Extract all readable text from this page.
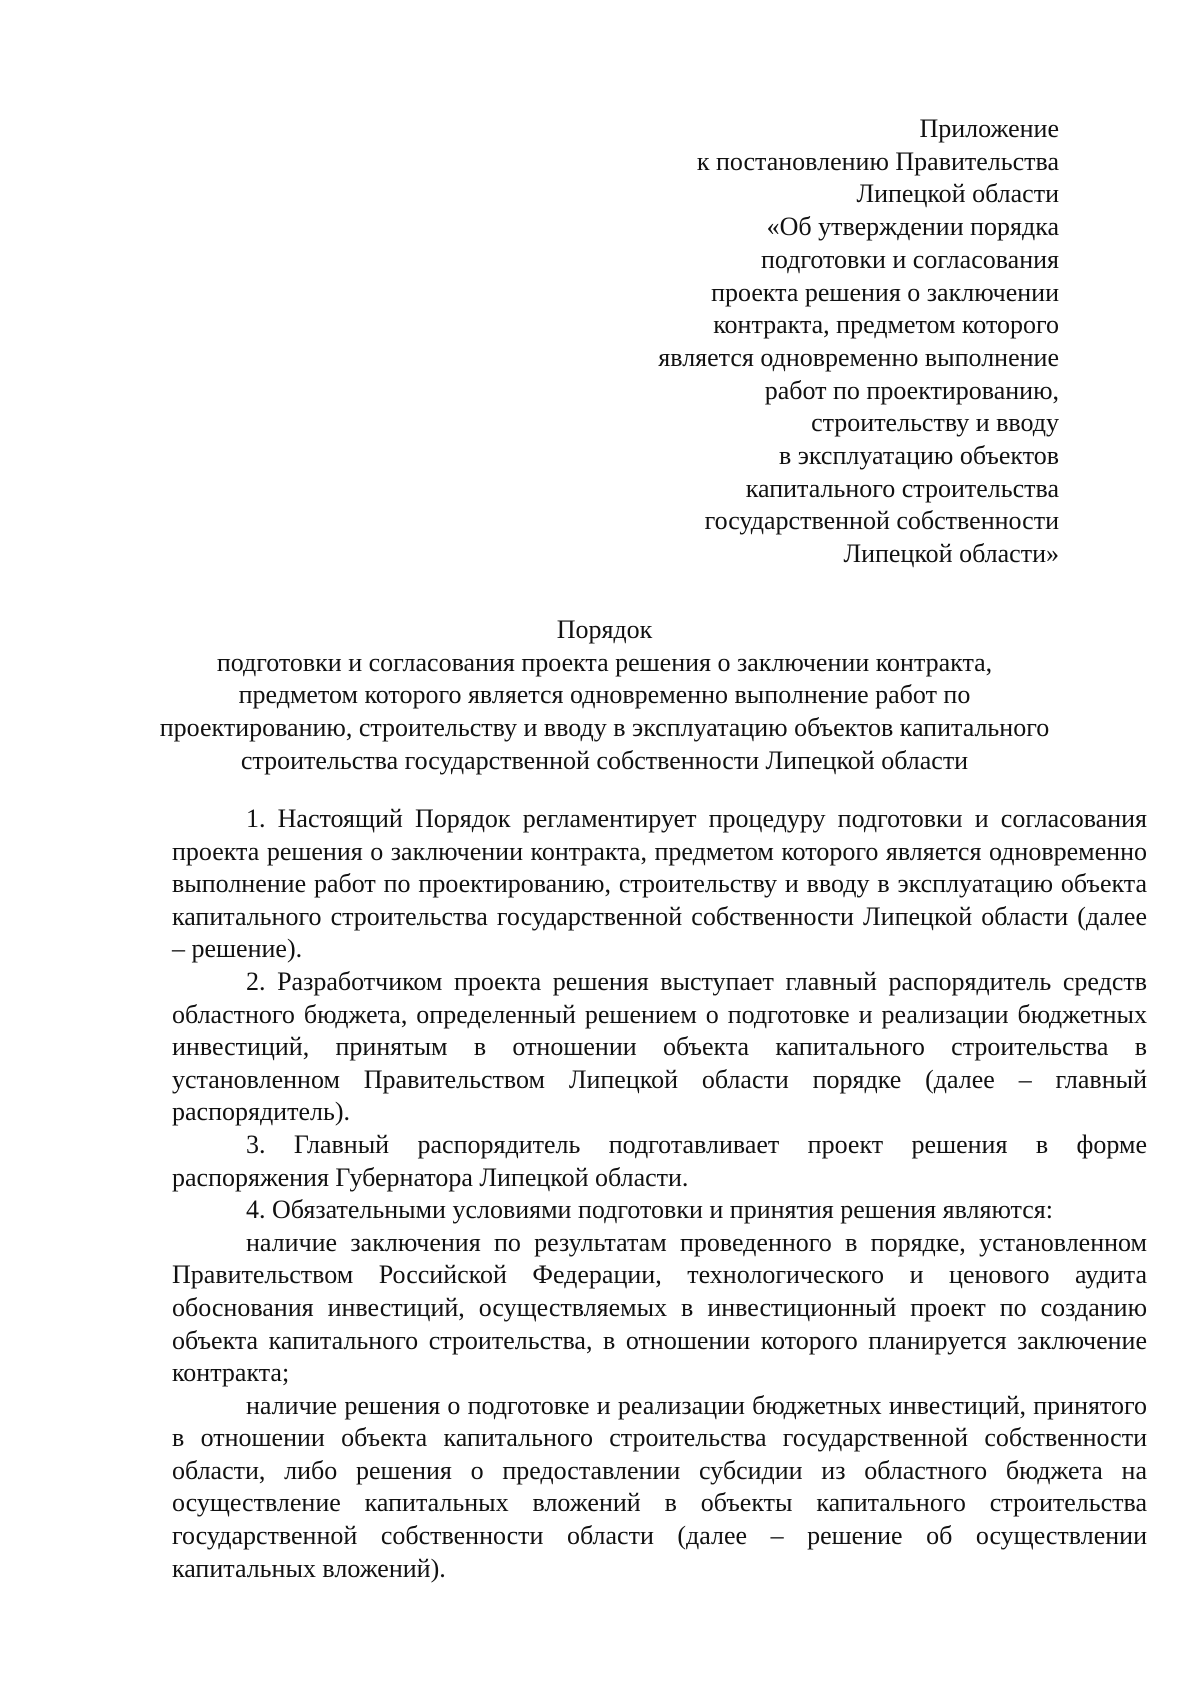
Приложение
к постановлению Правительства
Липецкой области
«Об утверждении порядка
подготовки и согласования
проекта решения о заключении
контракта, предметом которого
является одновременно выполнение
работ по проектированию,
строительству и вводу
в эксплуатацию объектов
капитального строительства
государственной собственности
Липецкой области»
Порядок
подготовки и согласования проекта решения о заключении контракта,
предметом которого является одновременно выполнение работ по
проектированию, строительству и вводу в эксплуатацию объектов капитального
строительства государственной собственности Липецкой области

1. Настоящий Порядок регламентирует процедуру подготовки и согласования проекта решения о заключении контракта, предметом которого является одновременно выполнение работ по проектированию, строительству и вводу в эксплуатацию объекта капитального строительства государственной собственности Липецкой области (далее – решение).

2. Разработчиком проекта решения выступает главный распорядитель средств областного бюджета, определенный решением о подготовке и реализации бюджетных инвестиций, принятым в отношении объекта капитального строительства в установленном Правительством Липецкой области порядке (далее – главный распорядитель).

3. Главный распорядитель подготавливает проект решения в форме распоряжения Губернатора Липецкой области.

4. Обязательными условиями подготовки и принятия решения являются:

наличие заключения по результатам проведенного в порядке, установленном Правительством Российской Федерации, технологического и ценового аудита обоснования инвестиций, осуществляемых в инвестиционный проект по созданию объекта капитального строительства, в отношении которого планируется заключение контракта;

наличие решения о подготовке и реализации бюджетных инвестиций, принятого в отношении объекта капитального строительства государственной собственности области, либо решения о предоставлении субсидии из областного бюджета на осуществление капитальных вложений в объекты капитального строительства государственной собственности области (далее – решение об осуществлении капитальных вложений).
